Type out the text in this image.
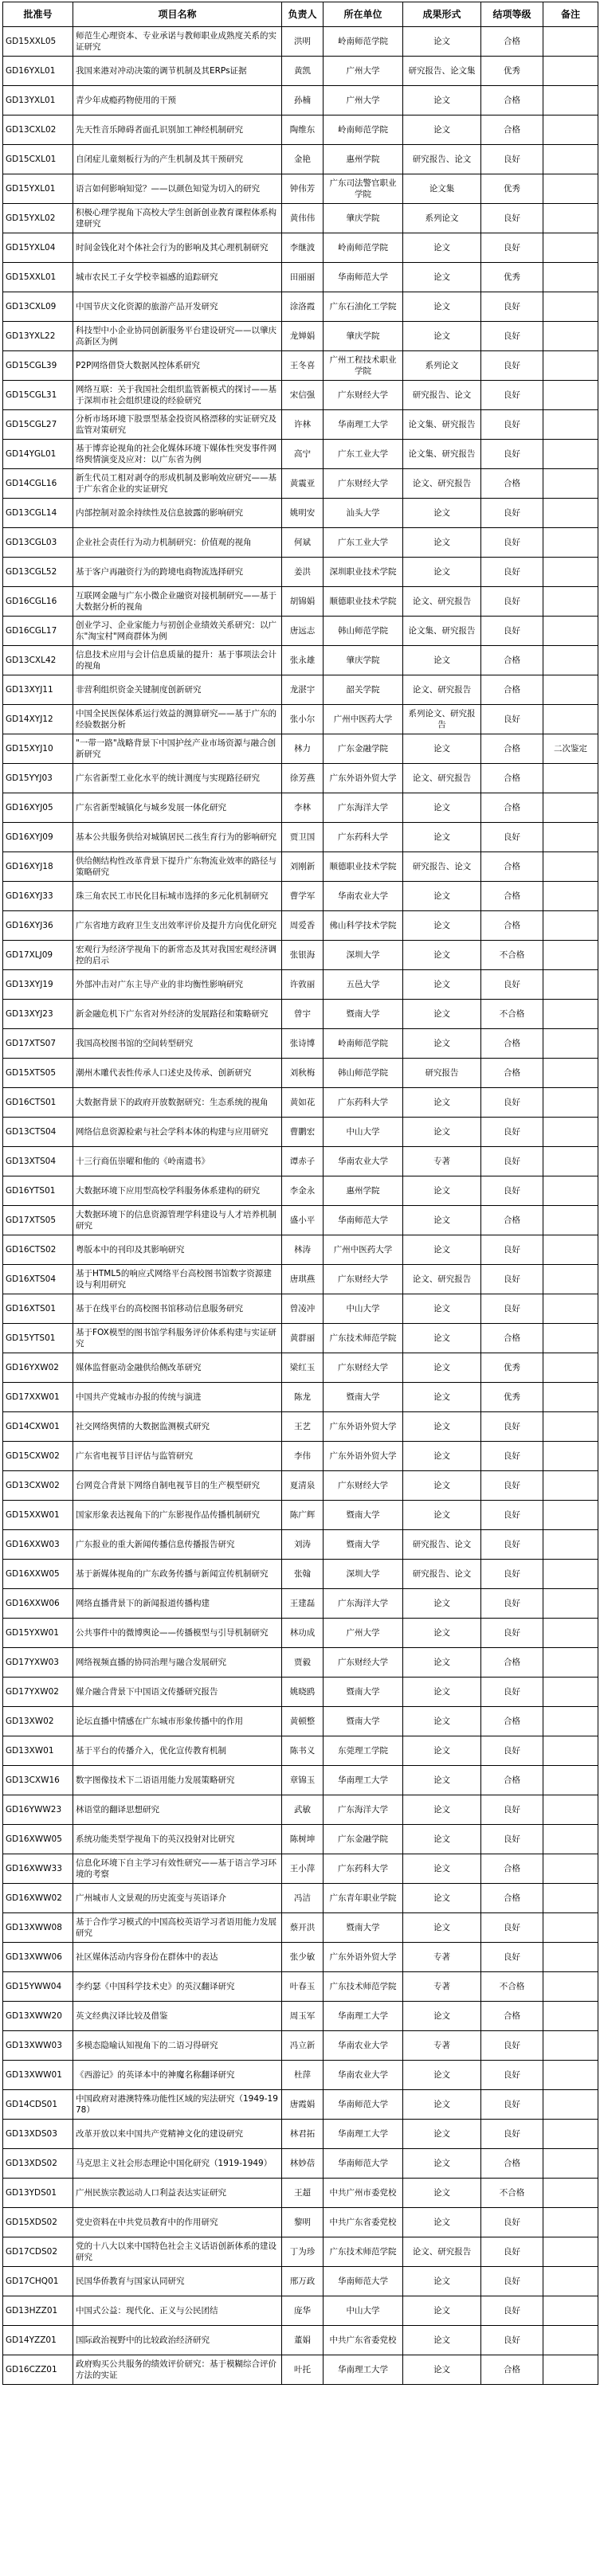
批准号	项目名称	负责人	所在单位	成果形式	结项等级	备注
GD15XXL05	师范生心理资本、专业承诺与教师职业成熟度关系的实证研究	洪明	岭南师范学院	论文	合格	
GD16YXL01	我国来港对冲动决策的调节机制及其ERPs证据	黄凯	广州大学	研究报告、论文集	优秀	
GD13YXL01	青少年成瘾药物使用的干预	孙楠	广州大学	论文	合格	
GD13CXL02	先天性音乐障碍者面孔识别加工神经机制研究	陶维东	岭南师范学院	论文	合格	
GD15CXL01	自闭症儿童刻板行为的产生机制及其干预研究	金艳	惠州学院	研究报告、论文	良好	
GD15YXL01	语言如何影响知觉？——以颜色知觉为切入的研究	钟伟芳	广东司法警官职业学院	论文集	优秀	
GD15YXL02	积极心理学视角下高校大学生创新创业教育课程体系构建研究	黄伟伟	肇庆学院	系列论文	良好	
GD15YXL04	时间金钱化对个体社会行为的影响及其心理机制研究	李继波	岭南师范学院	论文	良好	
GD15XXL01	城市农民工子女学校幸福感的追踪研究	田丽丽	华南师范大学	论文	优秀	
GD13CXL09	中国节庆文化资源的旅游产品开发研究	涂洛霞	广东石油化工学院	论文	良好	
GD13YXL22	科技型中小企业协同创新服务平台建设研究——以肇庆高新区为例	龙婵娟	肇庆学院	论文	良好	
GD15CGL39	P2P网络借贷大数据风控体系研究	王冬喜	广州工程技术职业学院	系列论文	良好	
GD15CGL31	网络互联：关于我国社会组织监管新模式的探讨——基于深圳市社会组织建设的经验研究	宋信强	广东财经大学	研究报告、论文	良好	
GD15CGL27	分析市场环境下股票型基金投资风格漂移的实证研究及监管对策研究	许林	华南理工大学	论文集、研究报告	良好	
GD14YGL01	基于博弈论视角的社会化媒体环境下媒体性突发事件网络舆情演变及应对：以广东省为例	高宁	广东工业大学	论文集、研究报告	良好	
GD14CGL16	新生代员工相对剥夺的形成机制及影响效应研究——基于广东省企业的实证研究	黄震亚	广东财经大学	论文、研究报告	合格	
GD13CGL14	内部控制对盈余持续性及信息披露的影响研究	姚明安	汕头大学	论文	良好	
GD13CGL03	企业社会责任行为动力机制研究：价值观的视角	何斌	广东工业大学	论文	良好	
GD13CGL52	基于客户再融资行为的跨境电商物流选择研究	姜洪	深圳职业技术学院	论文	良好	
GD16CGL16	互联网金融与广东小微企业融资对接机制研究——基于大数据分析的视角	胡锦娟	顺德职业技术学院	论文、研究报告	良好	
GD16CGL17	创业学习、企业家能力与初创企业绩效关系研究：以广东"淘宝村"网商群体为例	唐远志	韩山师范学院	论文集、研究报告	良好	
GD13CXL42	信息技术应用与会计信息质量的提升：基于事项法会计的视角	张永雄	肇庆学院	论文	合格	
GD13XYJ11	非营利组织资金关键制度创新研究	龙湛宇	韶关学院	论文、研究报告	合格	
GD14XYJ12	中国全民医保体系运行效益的测算研究——基于广东的经验数据分析	张小尔	广州中医药大学	系列论文、研究报告	良好	
GD15XYJ10	"一带一路"战略背景下中国护丝产业市场资源与融合创新研究	林力	广东金融学院	论文	合格	二次鉴定
GD15YYJ03	广东省新型工业化水平的统计测度与实现路径研究	徐芳燕	广东外语外贸大学	论文、研究报告	合格	
GD16XYJ05	广东省新型城镇化与城乡发展一体化研究	李林	广东海洋大学	论文	合格	
GD16XYJ09	基本公共服务供给对城镇居民二孩生育行为的影响研究	贾卫国	广东药科大学	论文	良好	
GD16XYJ18	供给侧结构性改革背景下提升广东物流业效率的路径与策略研究	刘刚新	顺德职业技术学院	研究报告、论文	合格	
GD16XYJ33	珠三角农民工市民化目标城市选择的多元化机制研究	曹学军	华南农业大学	论文	合格	
GD16XYJ36	广东省地方政府卫生支出效率评价及提升方向优化研究	周爱香	佛山科学技术学院	论文	合格	
GD17XLJ09	宏观行为经济学视角下的新常态及其对我国宏观经济调控的启示	张银海	深圳大学	论文	不合格	
GD13XYJ19	外部冲击对广东主导产业的非均衡性影响研究	许敦丽	五邑大学	论文	良好	
GD13XYJ23	新金融危机下广东省对外经济的发展路径和策略研究	曾宇	暨南大学	论文	不合格	
GD17XTS07	我国高校图书馆的空间转型研究	张诗博	岭南师范学院	论文	合格	
GD15XTS05	潮州木雕代表性传承人口述史及传承、创新研究	刘秋梅	韩山师范学院	研究报告	合格	
GD16CTS01	大数据背景下的政府开放数据研究：生态系统的视角	黄如花	广东药科大学	论文	良好	
GD13CTS04	网络信息资源检索与社会学科本体的构建与应用研究	曹鹏宏	中山大学	论文	良好	
GD13XTS04	十三行商伍崇曜和他的《岭南遗书》	谭赤子	华南农业大学	专著	良好	
GD16YTS01	大数据环境下应用型高校学科服务体系建构的研究	李金永	惠州学院	论文	良好	
GD17XTS05	大数据环境下的信息资源管理学科建设与人才培养机制研究	盛小平	华南师范大学	论文	合格	
GD16CTS02	粤版本中的刊印及其影响研究	林涛	广州中医药大学	论文	良好	
GD16XTS04	基于HTML5的响应式网络平台高校图书馆数字资源建设与利用研究	唐琪燕	广东财经大学	论文、研究报告	良好	
GD16XTS01	基于在线平台的高校图书馆移动信息服务研究	曾凌冲	中山大学	论文	良好	
GD15YTS01	基于FOX模型的图书馆学科服务评价体系构建与实证研究	黄群丽	广东技术师范学院	论文	合格	
GD16YXW02	媒体监督驱动金融供给侧改革研究	梁红玉	广东财经大学	论文	优秀	
GD17XXW01	中国共产党城市办报的传统与演进	陈龙	暨南大学	论文	优秀	
GD14CXW01	社交网络舆情的大数据监测模式研究	王艺	广东外语外贸大学	论文	良好	
GD15CXW02	广东省电视节目评估与监管研究	李伟	广东外语外贸大学	论文	良好	
GD13CXW02	台网竞合背景下网络自制电视节目的生产模型研究	夏清泉	广东财经大学	论文	良好	
GD15XXW01	国家形象表达视角下的广东影视作品传播机制研究	陈广辉	暨南大学	论文	良好	
GD16XXW03	广东报业的重大新闻传播信息传播报告研究	刘涛	暨南大学	研究报告、论文	良好	
GD16XXW05	基于新媒体视角的广东政务传播与新闻宣传机制研究	张翰	深圳大学	研究报告、论文	良好	
GD16XXW06	网络直播背景下的新闻报道传播构建	王建磊	广东海洋大学	论文	良好	
GD15YXW01	公共事件中的微博舆论——传播模型与引导机制研究	林功成	广州大学	论文	良好	
GD17YXW03	网络视频直播的协同治理与融合发展研究	贾毅	广东财经大学	论文	合格	
GD17YXW02	媒介融合背景下中国语文传播研究报告	姚晓鸥	暨南大学	论文	良好	
GD13XW02	论坛直播中情感在广东城市形象传播中的作用	黄顿整	暨南大学	论文	合格	
GD13XW01	基于平台的传播介入，优化宣传教育机制	陈书义	东莞理工学院	论文	良好	
GD13CXW16	数字图像技术下二语语用能力发展策略研究	章锦玉	华南理工大学	论文	合格	
GD16YWW23	林语堂的翻译思想研究	武敏	广东海洋大学	论文	良好	
GD16XWW05	系统功能类型学视角下的英汉投射对比研究	陈树坤	广东金融学院	论文	良好	
GD16XWW33	信息化环境下自主学习有效性研究——基于语言学习环境的考察	王小萍	广东药科大学	论文	合格	
GD16XWW02	广州城市人文景观的历史流变与英语译介	冯洁	广东青年职业学院	论文	合格	
GD13XWW08	基于合作学习模式的中国高校英语学习者语用能力发展研究	蔡开洪	暨南大学	论文	良好	
GD13XWW06	社区媒体活动内容身份在群体中的表达	张少敏	广东外语外贸大学	专著	良好	
GD15YWW04	李约瑟《中国科学技术史》的英汉翻译研究	叶春玉	广东技术师范学院	专著	不合格	
GD13XWW20	英文经典汉译比较及借鉴	周玉军	华南理工大学	论文	合格	
GD13XWW03	多模态隐喻认知视角下的二语习得研究	冯立新	华南农业大学	专著	良好	
GD13XWW01	《西游记》的英译本中的神魔名称翻译研究	杜萍	华南农业大学	论文	良好	
GD14CDS01	中国政府对港澳特殊功能性区域的宪法研究（1949-1978）	唐霞娟	华南师范大学	论文	良好	
GD13XDS03	改革开放以来中国共产党精神文化的建设研究	林君拓	华南理工大学	论文	良好	
GD13XDS02	马克思主义社会形态理论中国化研究（1919-1949）	林妙蓓	华南师范大学	论文	合格	
GD13YDS01	广州民族宗教运动人口利益表达实证研究	王超	中共广州市委党校	论文	不合格	
GD15XDS02	党史资料在中共党员教育中的作用研究	黎明	中共广东省委党校	论文	良好	
GD17CDS02	党的十八大以来中国特色社会主义话语创新体系的建设研究	丁为珍	广东技术师范学院	论文、研究报告	良好	
GD17CHQ01	民国华侨教育与国家认同研究	邢万政	华南师范大学	论文	良好	
GD13HZZ01	中国式公益：现代化、正义与公民团结	庞华	中山大学	论文	良好	
GD14YZZ01	国际政治视野中的比较政治经济研究	董娟	中共广东省委党校	论文	良好	
GD16CZZ01	政府购买公共服务的绩效评价研究：基于模糊综合评价方法的实证	叶托	华南理工大学	论文	合格	
